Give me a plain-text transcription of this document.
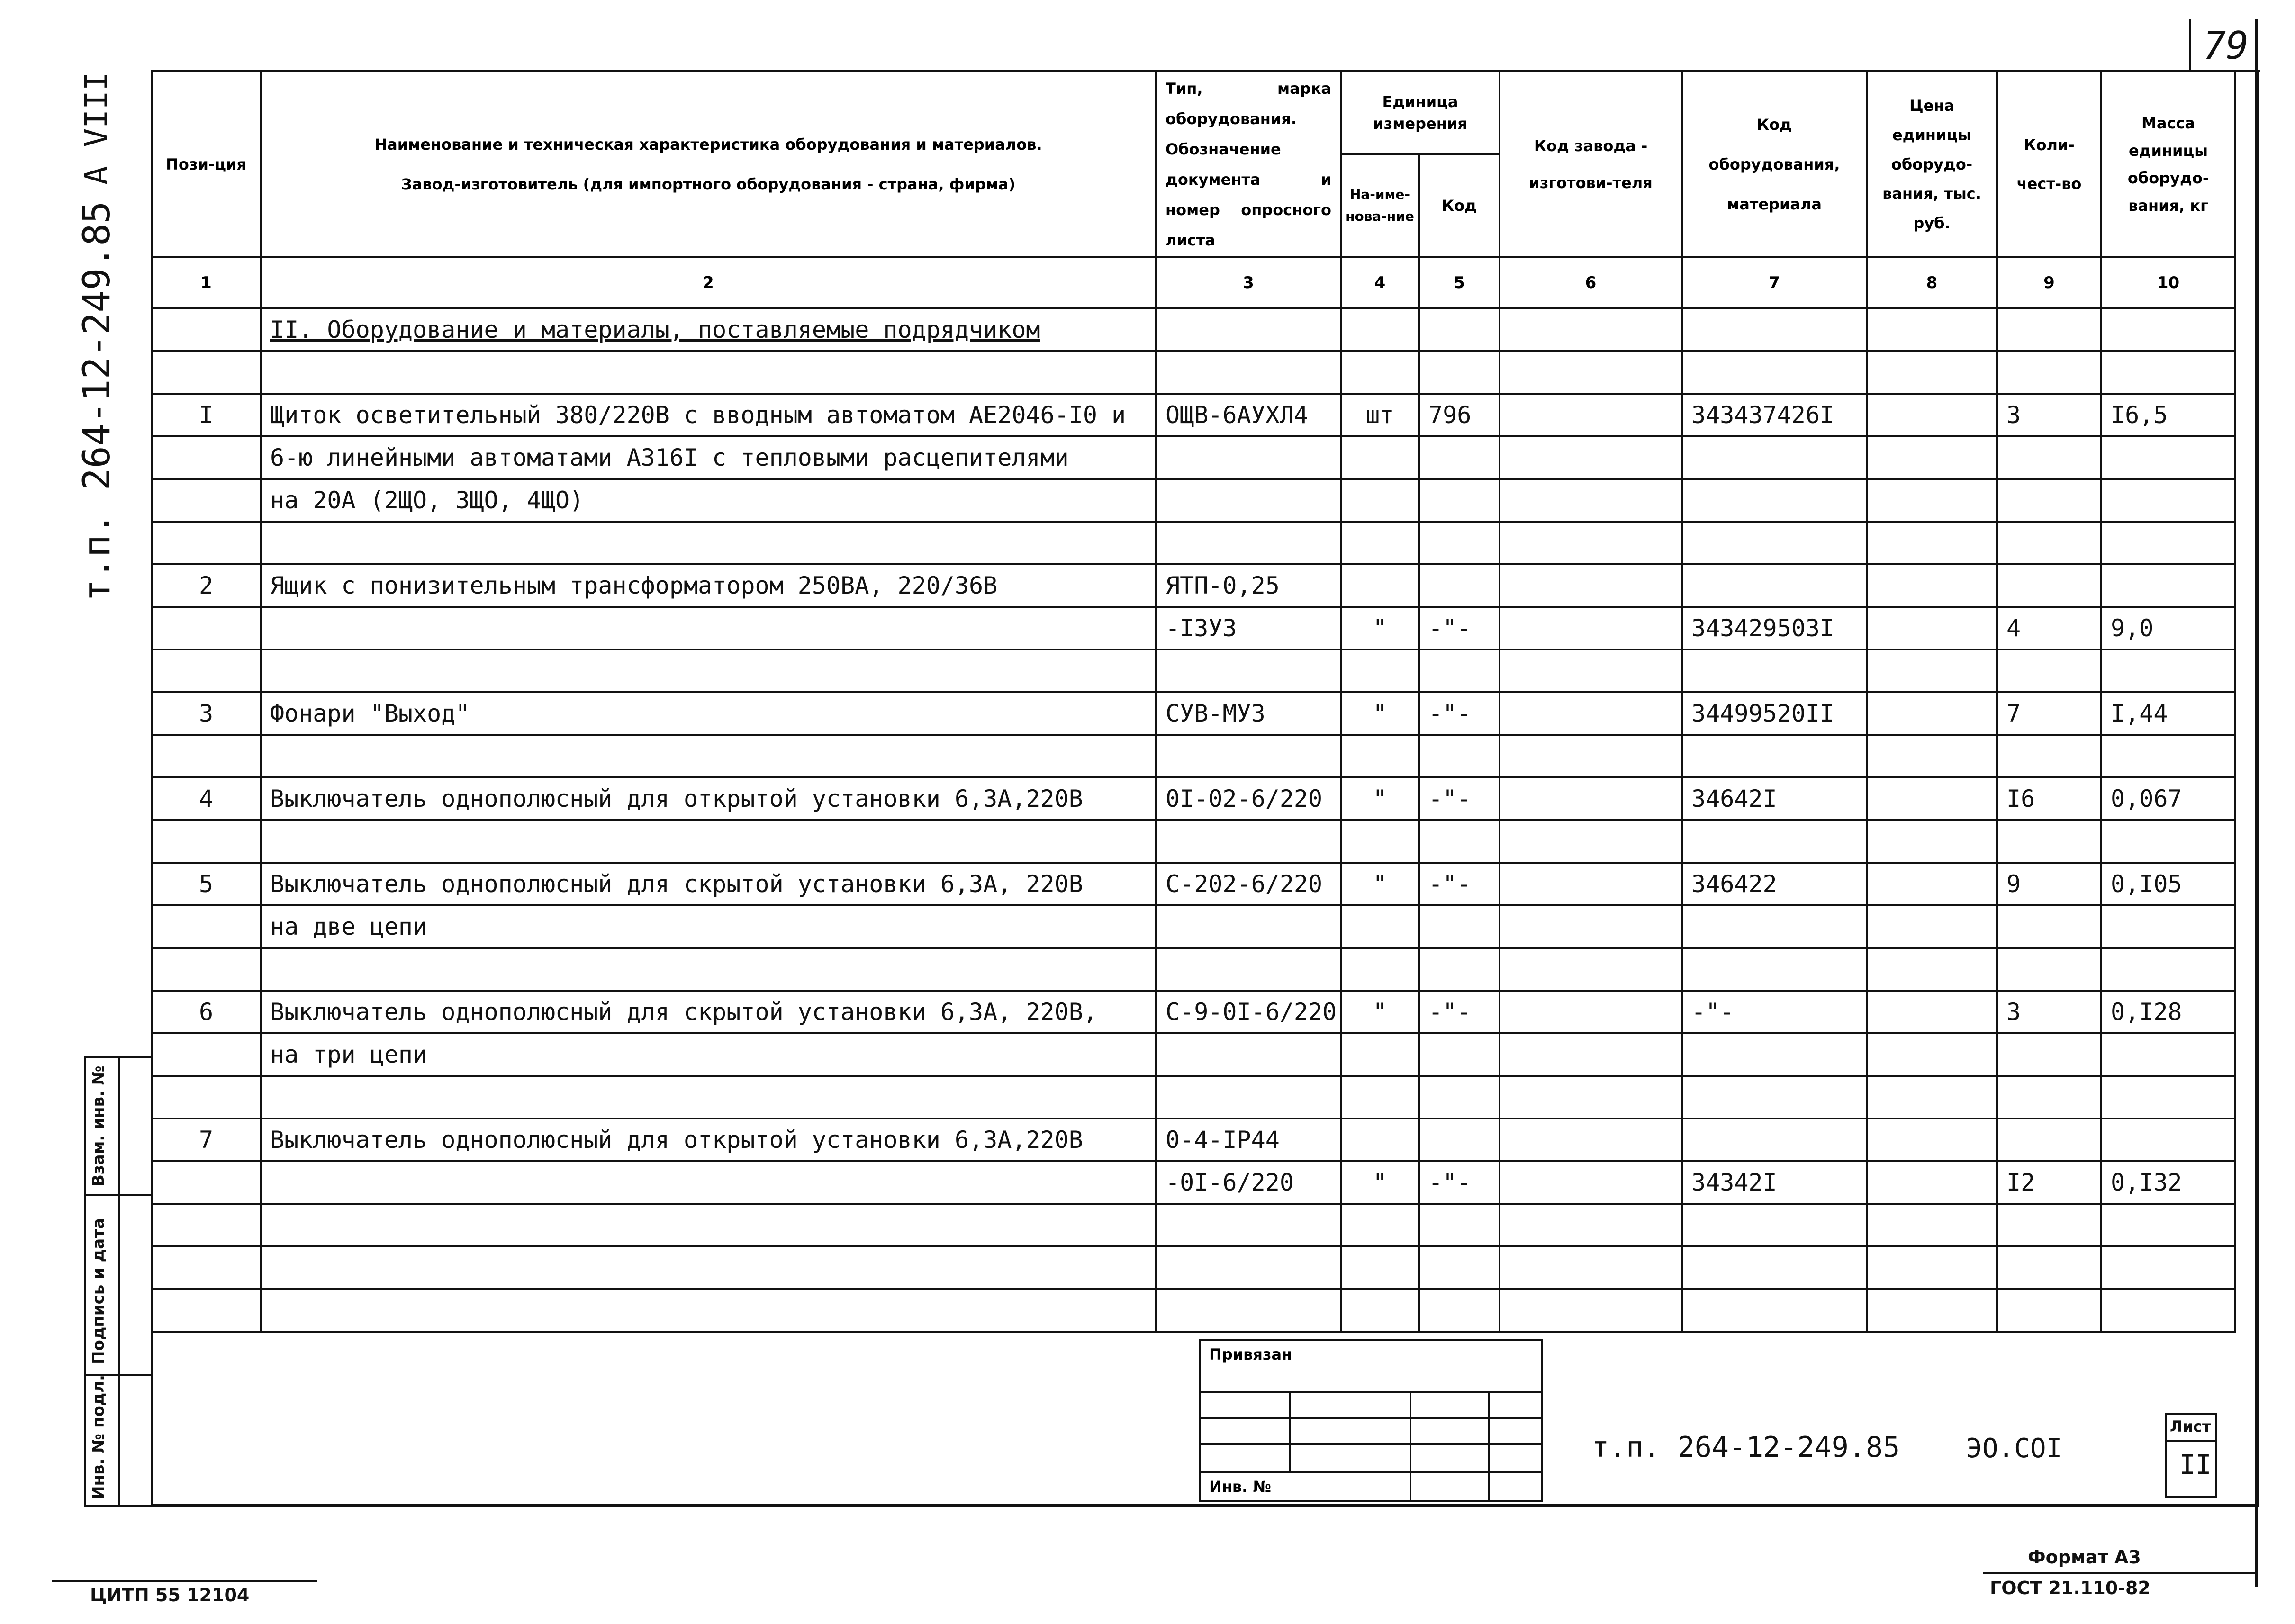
79
т.п. 264-12-249.85
А VIII	Пози-ция	Наименование и техническая характеристика оборудования и материалов.
Завод-изготовитель (для импортного оборудования - страна, фирма)	Тип, марка оборудования. Обозначение документа и номер опросного листа	Единица измерения		Код завода - изготови-теля	Код оборудования, материала	Цена единицы оборудо-вания, тыс. руб.	Коли-чест-во	Масса единицы оборудо-вания, кг
			На-име-нова-ние	Код					
1	2	3	4	5	6	7	8	9	10
	II. Оборудование и материалы, поставляемые подрядчиком								

I	Щиток осветительный 380/220В с вводным автоматом АЕ2046-I0 и	ОЩВ-6АУХЛ4	шт	796		343437426I		3	I6,5
	6-ю линейными автоматами А316I с тепловыми расцепителями								
	на 20А (2ЩО, 3ЩО, 4ЩО)								

2	Ящик с понизительным трансформатором 250ВА, 220/36В	ЯТП-0,25							
		-I3У3	"	-"-		343429503I		4	9,0

3	Фонари "Выход"	СУВ-МУ3	"	-"-		34499520II		7	I,44

4	Выключатель однополюсный для открытой установки 6,3А,220В	0I-02-6/220	"	-"-		34642I		I6	0,067

5	Выключатель однополюсный для скрытой установки 6,3А, 220В	С-202-6/220	"	-"-		346422		9	0,I05
	на две цепи								

6	Выключатель однополюсный для скрытой установки 6,3А, 220В,	С-9-0I-6/220	"	-"-		-"-		3	0,I28
	на три цепи								

7	Выключатель однополюсный для открытой установки 6,3А,220В	0-4-IР44							
		-0I-6/220	"	-"-		34342I		I2	0,I32

Взам. инв. №
Подпись и дата
Инв. № подл.
Привязан			

Инв. №			
т.п. 264-12-249.85 ЭО.СОI
Лист
II
Формат А3
ГОСТ 21.110-82
ЦИТП 55 12104
